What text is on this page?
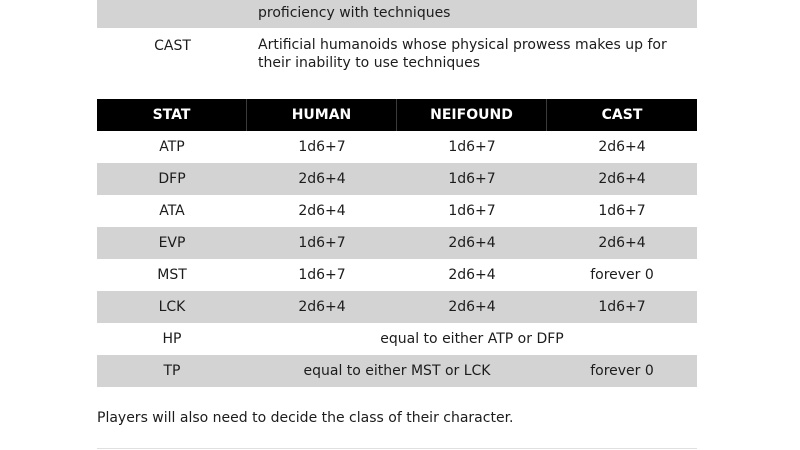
proficiency with techniques
CAST	Artificial humanoids whose physical prowess makes up for their inability to use techniques
STAT	HUMAN	NEIFOUND	CAST
ATP	1d6+7	1d6+7	2d6+4
DFP	2d6+4	1d6+7	2d6+4
ATA	2d6+4	1d6+7	1d6+7
EVP	1d6+7	2d6+4	2d6+4
MST	1d6+7	2d6+4	forever 0
LCK	2d6+4	2d6+4	1d6+7
HP	equal to either ATP or DFP
TP	equal to either MST or LCK	forever 0
Players will also need to decide the class of their character.
